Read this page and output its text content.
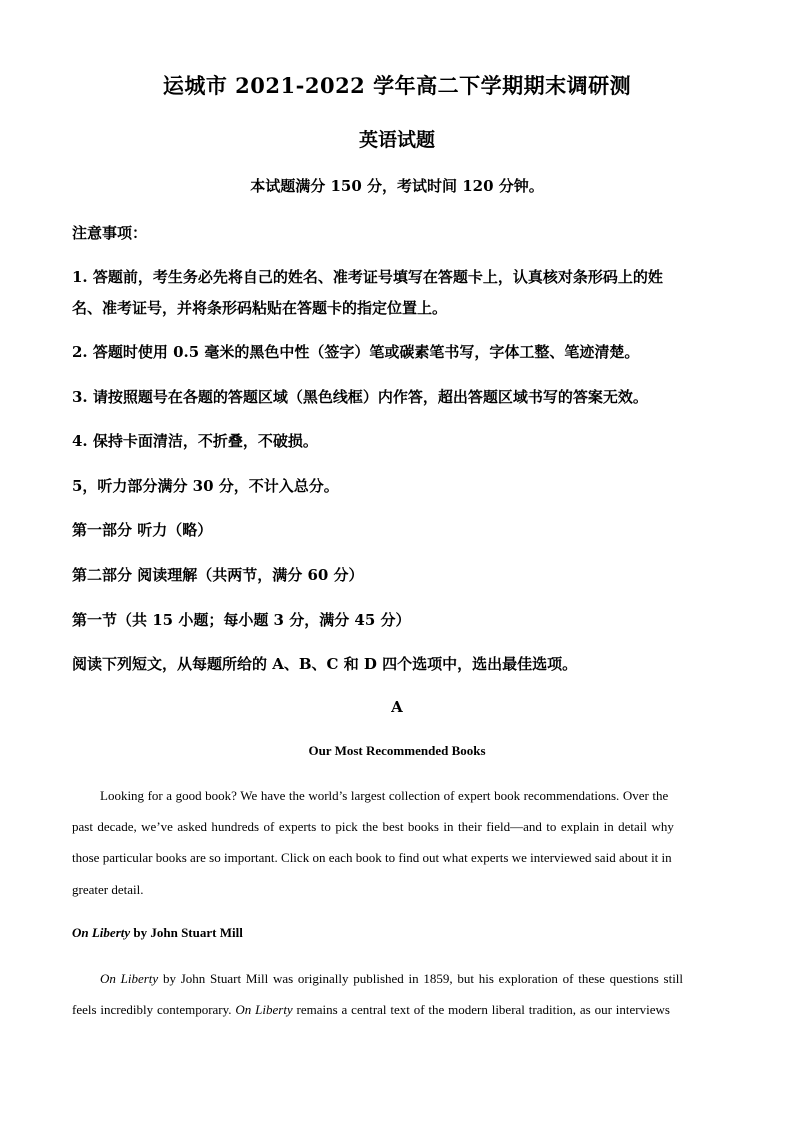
运城市 2021-2022 学年高二下学期期末调研测
英语试题
本试题满分 150 分，考试时间 120 分钟。
注意事项：
1. 答题前，考生务必先将自己的姓名、准考证号填写在答题卡上，认真核对条形码上的姓
名、准考证号，并将条形码粘贴在答题卡的指定位置上。
2. 答题时使用 0.5 毫米的黑色中性（签字）笔或碳素笔书写，字体工整、笔迹清楚。
3. 请按照题号在各题的答题区域（黑色线框）内作答，超出答题区域书写的答案无效。
4. 保持卡面清洁，不折叠，不破损。
5，听力部分满分 30 分，不计入总分。
第一部分 听力（略）
第二部分 阅读理解（共两节，满分 60 分）
第一节（共 15 小题；每小题 3 分，满分 45 分）
阅读下列短文，从每题所给的 A、B、C 和 D 四个选项中，选出最佳选项。
A
Our Most Recommended Books
Looking for a good book? We have the world’s largest collection of expert book recommendations. Over the
past decade, we’ve asked hundreds of experts to pick the best books in their field—and to explain in detail why
those particular books are so important. Click on each book to find out what experts we interviewed said about it in
greater detail.
On Liberty by John Stuart Mill
On Liberty by John Stuart Mill was originally published in 1859, but his exploration of these questions still
feels incredibly contemporary. On Liberty remains a central text of the modern liberal tradition, as our interviews
